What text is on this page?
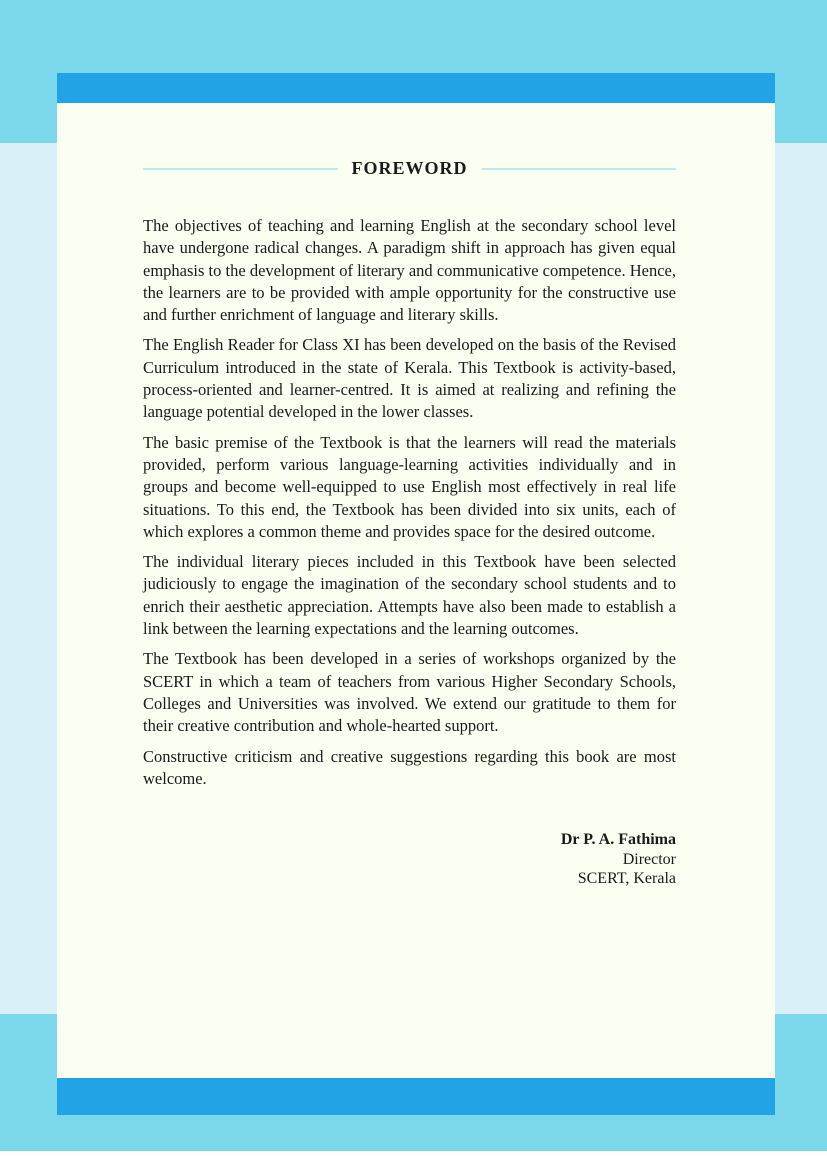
FOREWORD

The objectives of teaching and learning English at the secondary school level have undergone radical changes. A paradigm shift in approach has given equal emphasis to the development of literary and communicative competence. Hence, the learners are to be provided with ample opportunity for the constructive use and further enrichment of language and literary skills.

The English Reader for Class XI has been developed on the basis of the Revised Curriculum introduced in the state of Kerala. This Textbook is activity-based, process-oriented and learner-centred. It is aimed at realizing and refining the language potential developed in the lower classes.

The basic premise of the Textbook is that the learners will read the materials provided, perform various language-learning activities individually and in groups and become well-equipped to use English most effectively in real life situations. To this end, the Textbook has been divided into six units, each of which explores a common theme and provides space for the desired outcome.

The individual literary pieces included in this Textbook have been selected judiciously to engage the imagination of the secondary school students and to enrich their aesthetic appreciation. Attempts have also been made to establish a link between the learning expectations and the learning outcomes.

The Textbook has been developed in a series of workshops organized by the SCERT in which a team of teachers from various Higher Secondary Schools, Colleges and Universities was involved. We extend our gratitude to them for their creative contribution and whole-hearted support.

Constructive criticism and creative suggestions regarding this book are most welcome.

Dr P. A. Fathima
Director
SCERT, Kerala
